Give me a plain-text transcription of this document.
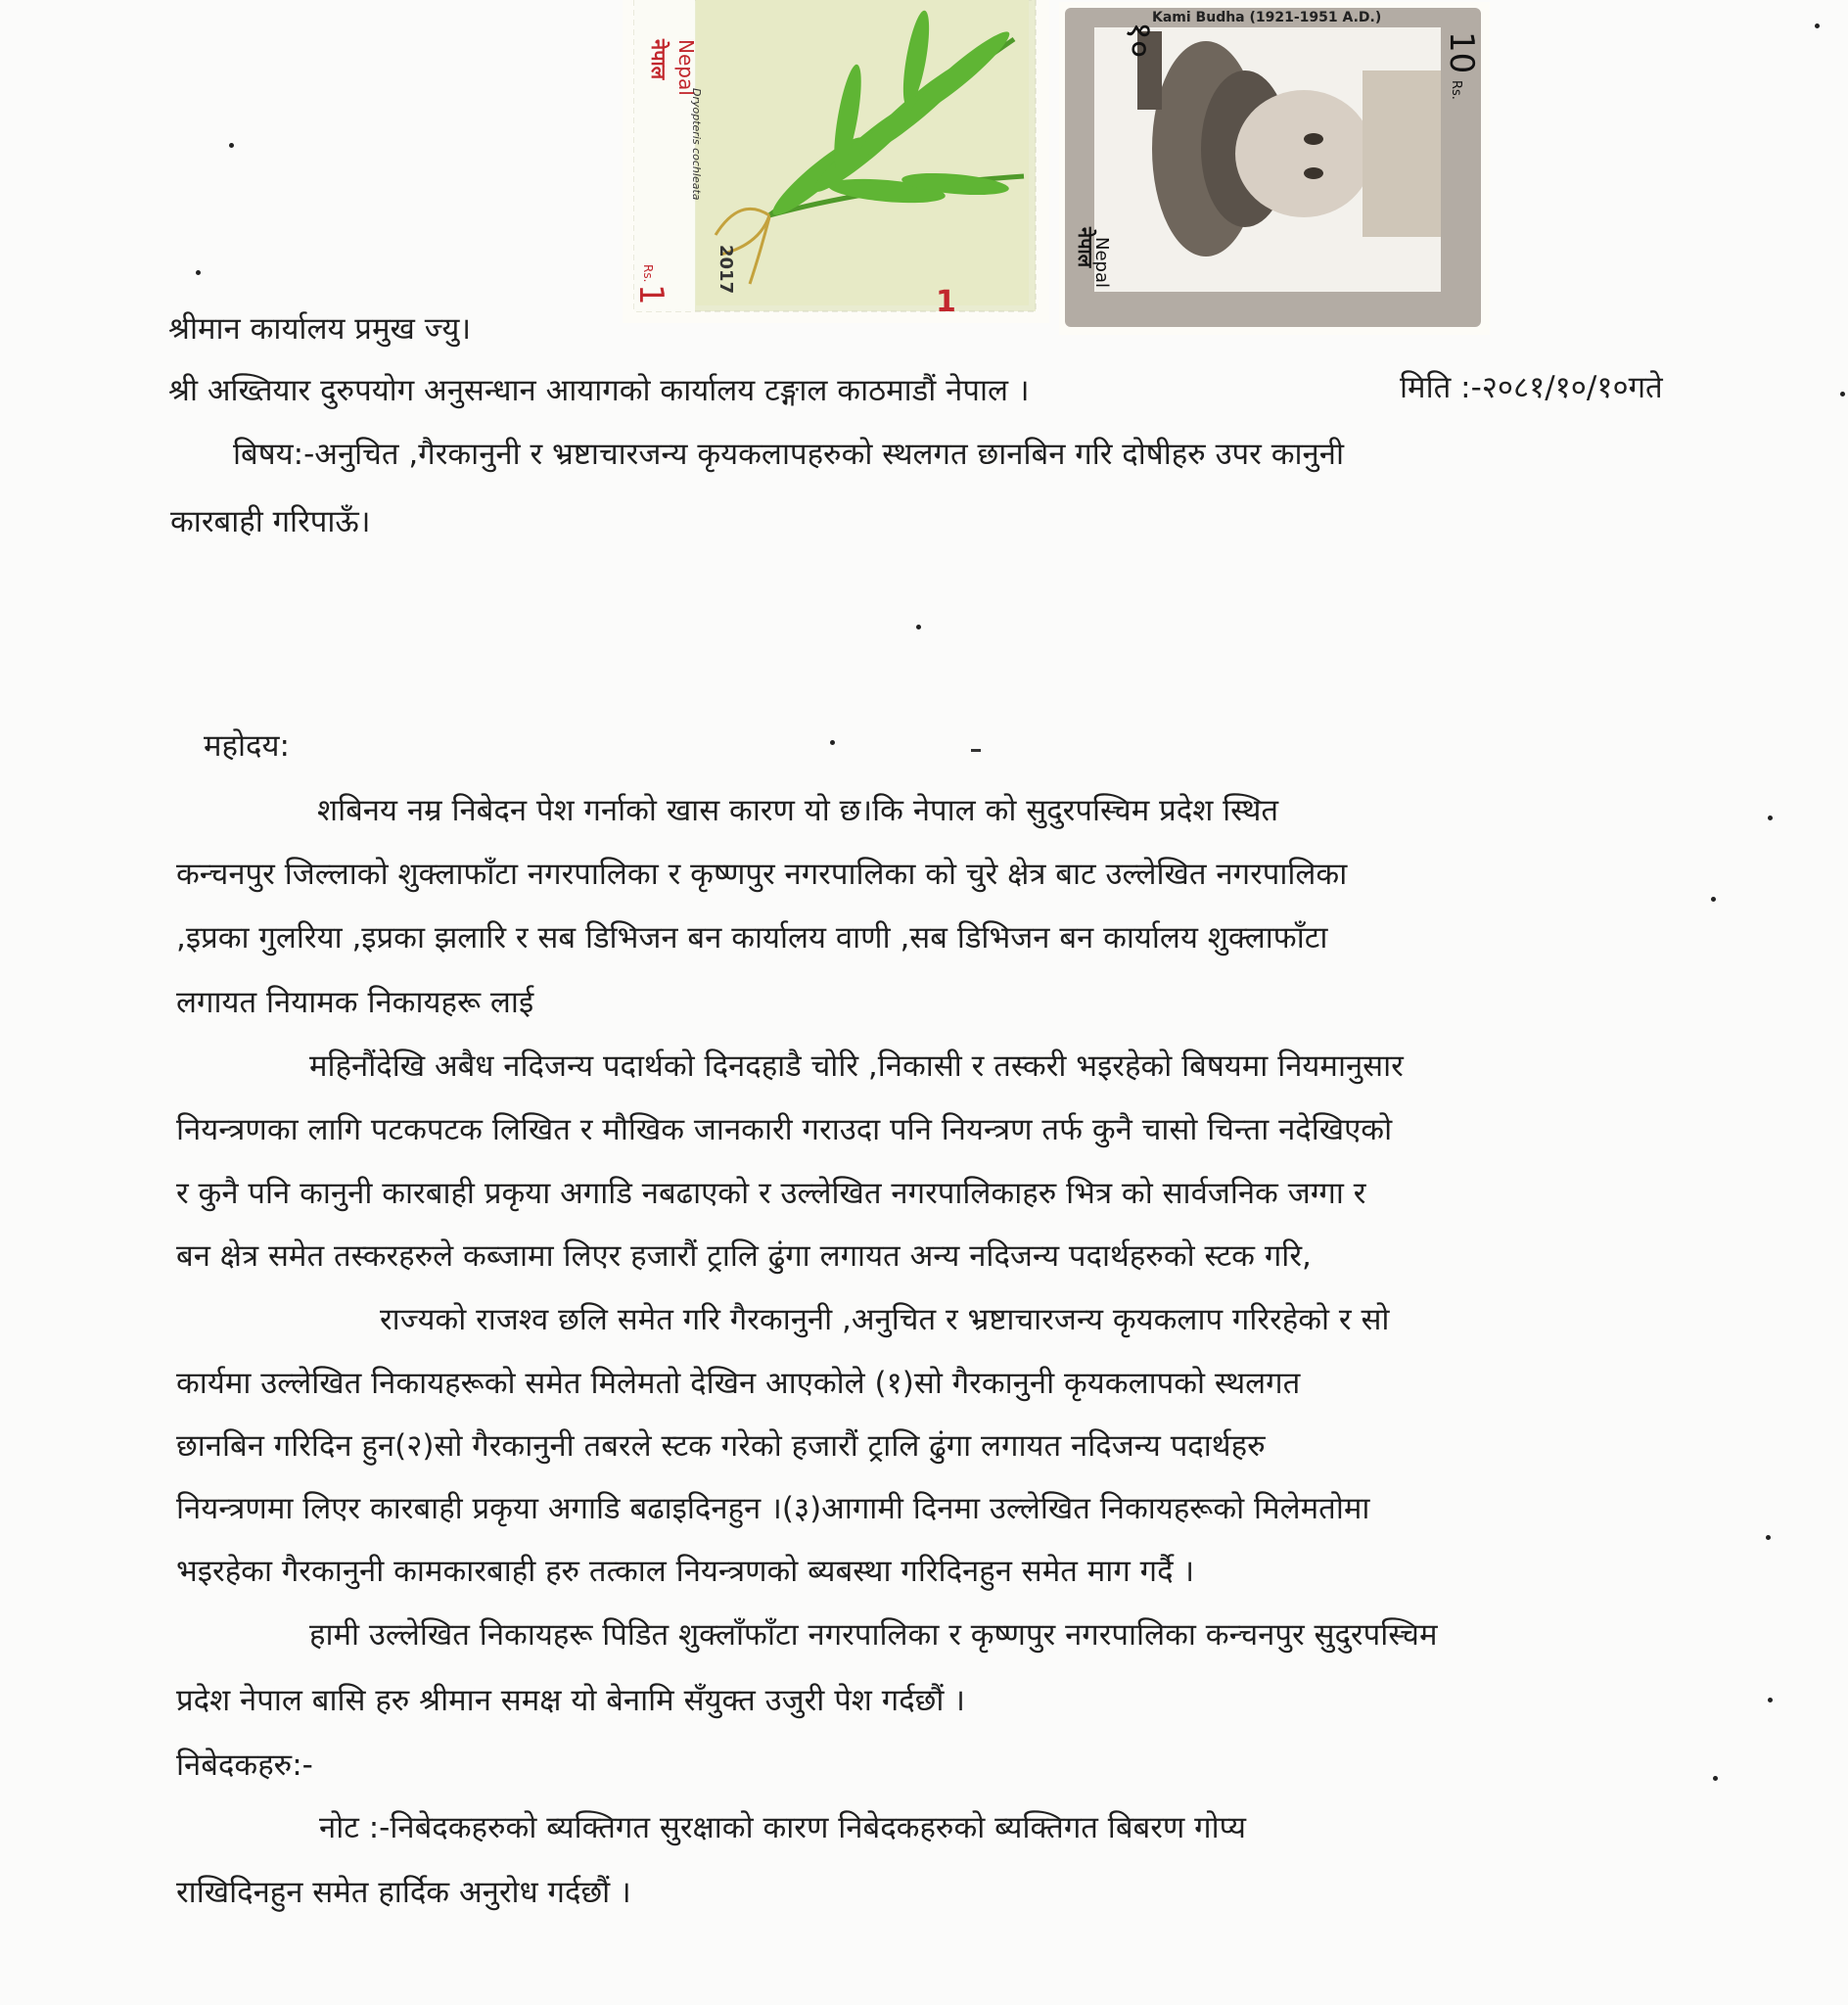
नेपाल Nepal
Dryopteris cochleata
2017
Rs.
1	1
Kami Budha (1921-1951 A.D.)
नेपाल
Nepal
१०	10
Rs.
श्रीमान कार्यालय प्रमुख ज्यु।
श्री अख्तियार दुरुपयोग अनुसन्धान आयागको कार्यालय टङ्गाल काठमाडौं नेपाल ।	मिति :-२०८१/१०/१०गते
बिषय:-अनुचित ,गैरकानुनी र भ्रष्टाचारजन्य कृयकलापहरुको स्थलगत छानबिन गरि दोषीहरु उपर कानुनी
कारबाही गरिपाऊँ।
महोदय:
शबिनय नम्र निबेदन पेश गर्नाको खास कारण यो छ।कि नेपाल को सुदुरपस्चिम प्रदेश स्थित
कन्चनपुर जिल्लाको शुक्लाफाँटा नगरपालिका र कृष्णपुर नगरपालिका को चुरे क्षेत्र बाट उल्लेखित नगरपालिका
,इप्रका गुलरिया ,इप्रका झलारि र सब डिभिजन बन कार्यालय वाणी ,सब डिभिजन बन कार्यालय शुक्लाफाँटा
लगायत नियामक निकायहरू लाई
महिनौंदेखि अबैध नदिजन्य पदार्थको दिनदहाडै चोरि ,निकासी र तस्करी भइरहेको बिषयमा नियमानुसार
नियन्त्रणका लागि पटकपटक लिखित र मौखिक जानकारी गराउदा पनि नियन्त्रण तर्फ कुनै चासो चिन्ता नदेखिएको
र कुनै पनि कानुनी कारबाही प्रकृया अगाडि नबढाएको र उल्लेखित नगरपालिकाहरु भित्र को सार्वजनिक जग्गा र
बन क्षेत्र समेत तस्करहरुले कब्जामा लिएर हजारौं ट्रालि ढुंगा लगायत अन्य नदिजन्य पदार्थहरुको स्टक गरि,
राज्यको राजश्व छलि समेत गरि गैरकानुनी ,अनुचित र भ्रष्टाचारजन्य कृयकलाप गरिरहेको र सो
कार्यमा उल्लेखित निकायहरूको समेत मिलेमतो देखिन आएकोले (१)सो गैरकानुनी कृयकलापको स्थलगत
छानबिन गरिदिन हुन(२)सो गैरकानुनी तबरले स्टक गरेको हजारौं ट्रालि ढुंगा लगायत नदिजन्य पदार्थहरु
नियन्त्रणमा लिएर कारबाही प्रकृया अगाडि बढाइदिनहुन ।(३)आगामी दिनमा उल्लेखित निकायहरूको मिलेमतोमा
भइरहेका गैरकानुनी कामकारबाही हरु तत्काल नियन्त्रणको ब्यबस्था गरिदिनहुन समेत माग गर्दै ।
हामी उल्लेखित निकायहरू पिडित शुक्लाँफाँटा नगरपालिका र कृष्णपुर नगरपालिका कन्चनपुर सुदुरपस्चिम
प्रदेश नेपाल बासि हरु श्रीमान समक्ष यो बेनामि सँयुक्त उजुरी पेश गर्दछौं ।
निबेदकहरु:-
नोट :-निबेदकहरुको ब्यक्तिगत सुरक्षाको कारण निबेदकहरुको ब्यक्तिगत बिबरण गोप्य
राखिदिनहुन समेत हार्दिक अनुरोध गर्दछौं ।
